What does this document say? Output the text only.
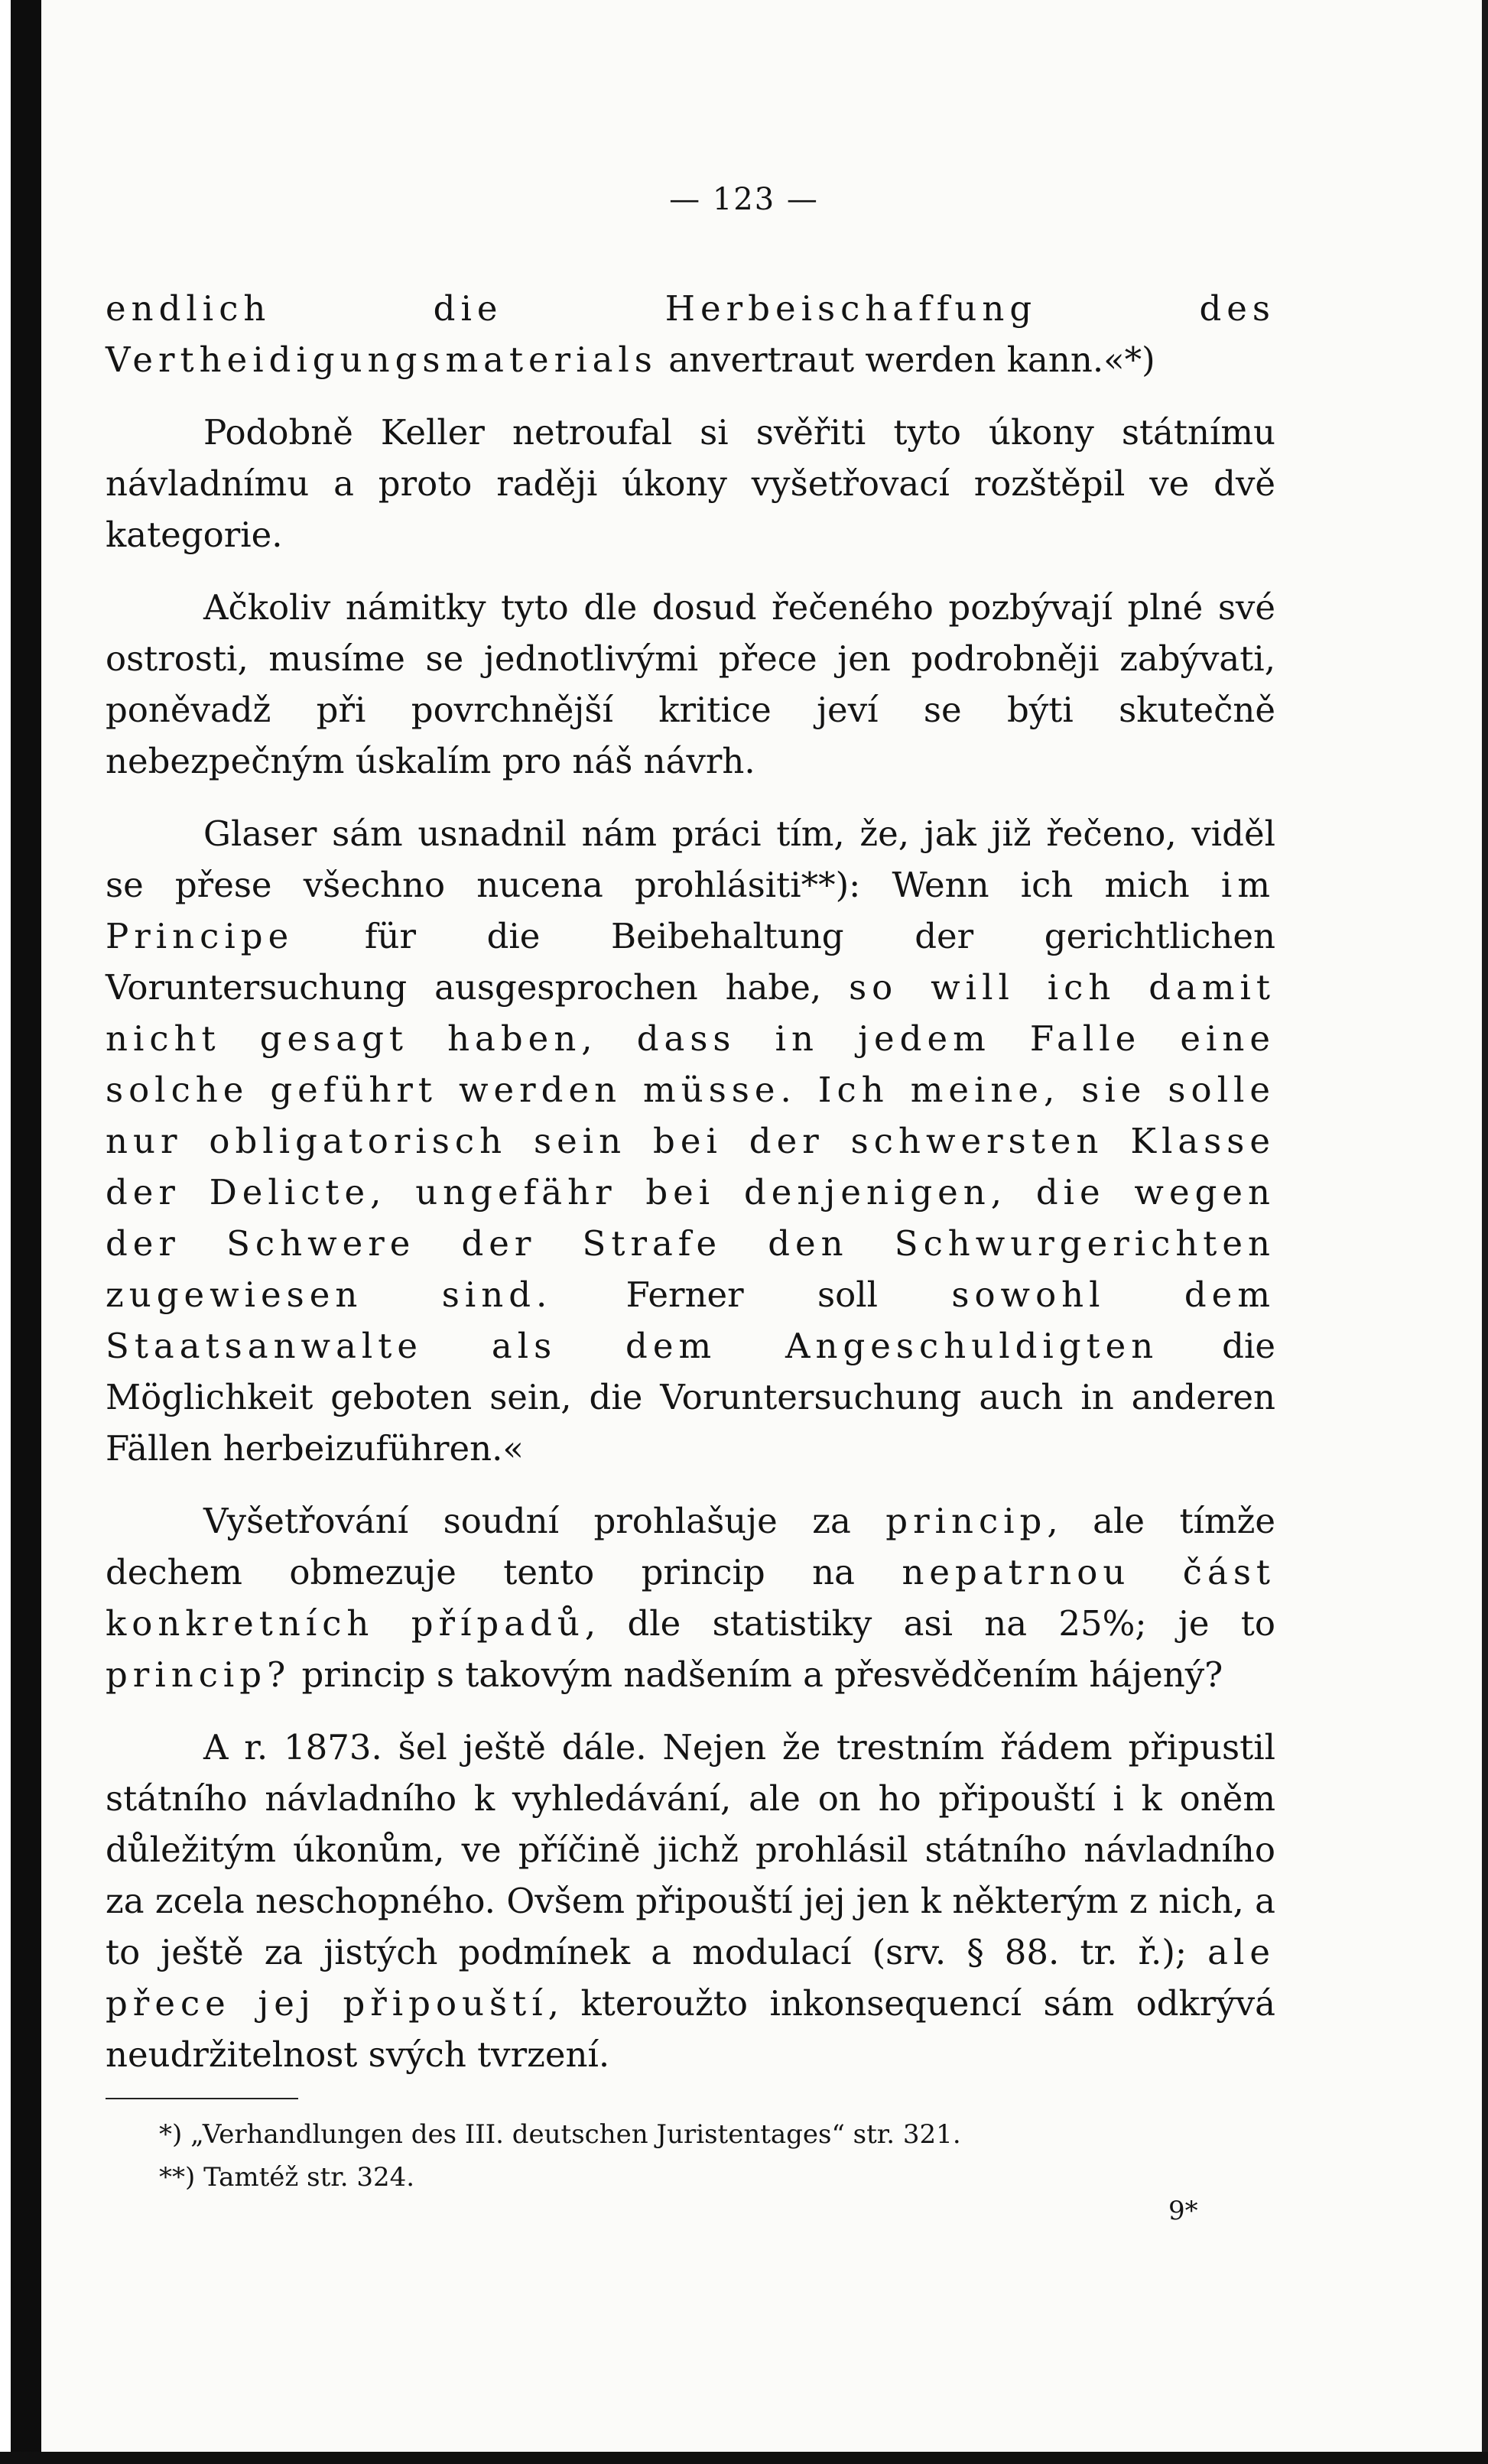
— 123 —

endlich die Herbeischaffung des Vertheidigungsmaterials anvertraut werden kann.«*)

Podobně Keller netroufal si svěřiti tyto úkony státnímu návladnímu a proto raději úkony vyšetřovací rozštěpil ve dvě kategorie.

Ačkoliv námitky tyto dle dosud řečeného pozbývají plné své ostrosti, musíme se jednotlivými přece jen podrobněji zabývati, poněvadž při povrchnější kritice jeví se býti skutečně nebezpečným úskalím pro náš návrh.

Glaser sám usnadnil nám práci tím, že, jak již řečeno, viděl se přese všechno nucena prohlásiti**): Wenn ich mich im Principe für die Beibehaltung der gerichtlichen Voruntersuchung ausgesprochen habe, so will ich damit nicht gesagt haben, dass in jedem Falle eine solche geführt werden müsse. Ich meine, sie solle nur obligatorisch sein bei der schwersten Klasse der Delicte, ungefähr bei denjenigen, die wegen der Schwere der Strafe den Schwurgerichten zugewiesen sind. Ferner soll sowohl dem Staatsanwalte als dem Angeschuldigten die Möglichkeit geboten sein, die Voruntersuchung auch in anderen Fällen herbeizuführen.«

Vyšetřování soudní prohlašuje za princip, ale tímže dechem obmezuje tento princip na nepatrnou část konkretních případů, dle statistiky asi na 25%; je to princip? princip s takovým nadšením a přesvědčením hájený?

A r. 1873. šel ještě dále. Nejen že trestním řádem připustil státního návladního k vyhledávání, ale on ho připouští i k oněm důležitým úkonům, ve příčině jichž prohlásil státního návladního za zcela neschopného. Ovšem připouští jej jen k některým z nich, a to ještě za jistých podmínek a modulací (srv. § 88. tr. ř.); ale přece jej připouští, kteroužto inkonsequencí sám odkrývá neudržitelnost svých tvrzení.

*) „Verhandlungen des III. deutschen Juristentages“ str. 321.

**) Tamtéž str. 324.

9*
